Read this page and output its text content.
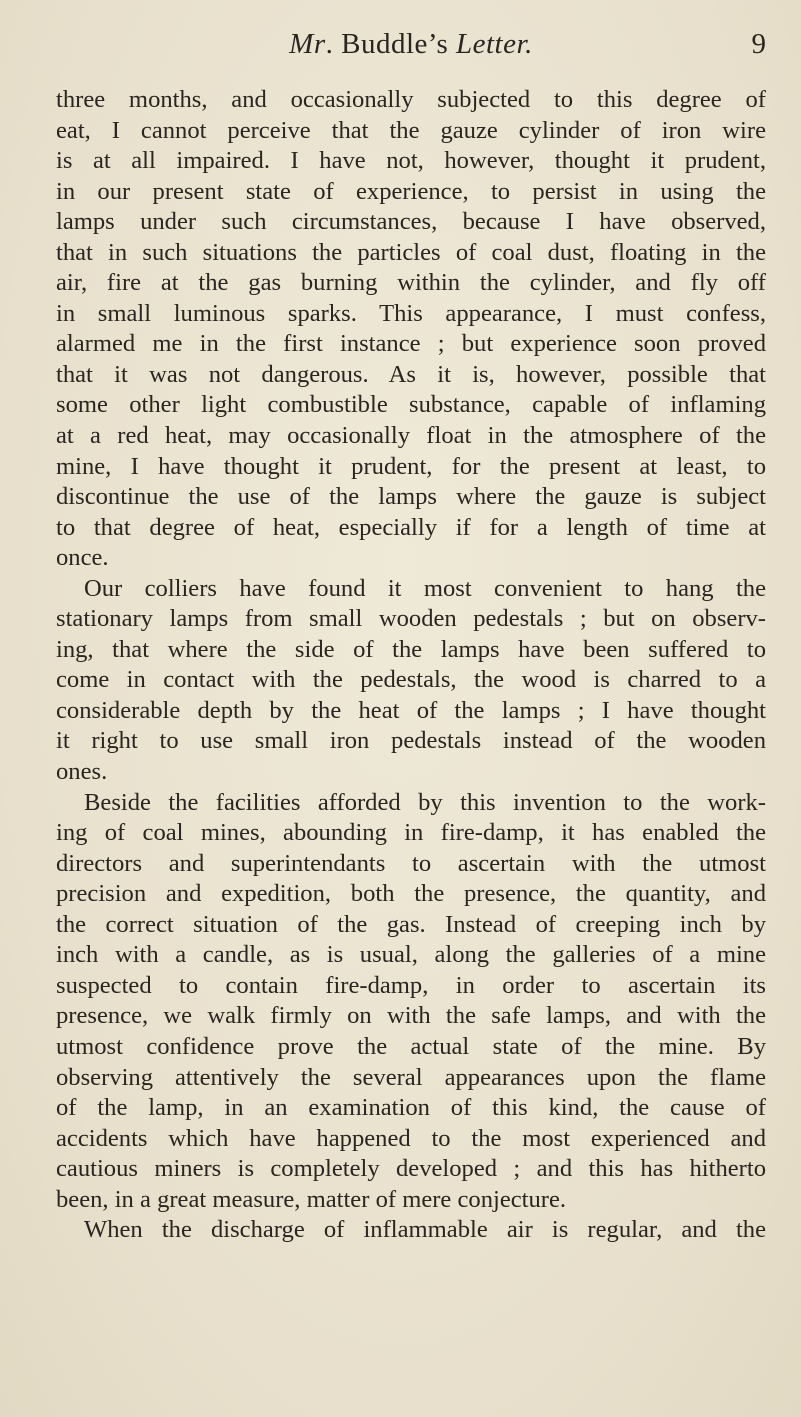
Mr. Buddle’s Letter.	9
three months, and occasionally subjected to this degree of
eat, I cannot perceive that the gauze cylinder of iron wire
is at all impaired. I have not, however, thought it prudent,
in our present state of experience, to persist in using the
lamps under such circumstances, because I have observed,
that in such situations the particles of coal dust, floating in the
air, fire at the gas burning within the cylinder, and fly off
in small luminous sparks. This appearance, I must confess,
alarmed me in the first instance ; but experience soon proved
that it was not dangerous. As it is, however, possible that
some other light combustible substance, capable of inflaming
at a red heat, may occasionally float in the atmosphere of the
mine, I have thought it prudent, for the present at least, to
discontinue the use of the lamps where the gauze is subject
to that degree of heat, especially if for a length of time at
once.
Our colliers have found it most convenient to hang the
stationary lamps from small wooden pedestals ; but on observ-
ing, that where the side of the lamps have been suffered to
come in contact with the pedestals, the wood is charred to a
considerable depth by the heat of the lamps ; I have thought
it right to use small iron pedestals instead of the wooden
ones.
Beside the facilities afforded by this invention to the work-
ing of coal mines, abounding in fire-damp, it has enabled the
directors and superintendants to ascertain with the utmost
precision and expedition, both the presence, the quantity, and
the correct situation of the gas. Instead of creeping inch by
inch with a candle, as is usual, along the galleries of a mine
suspected to contain fire-damp, in order to ascertain its
presence, we walk firmly on with the safe lamps, and with the
utmost confidence prove the actual state of the mine. By
observing attentively the several appearances upon the flame
of the lamp, in an examination of this kind, the cause of
accidents which have happened to the most experienced and
cautious miners is completely developed ; and this has hitherto
been, in a great measure, matter of mere conjecture.
When the discharge of inflammable air is regular, and the
